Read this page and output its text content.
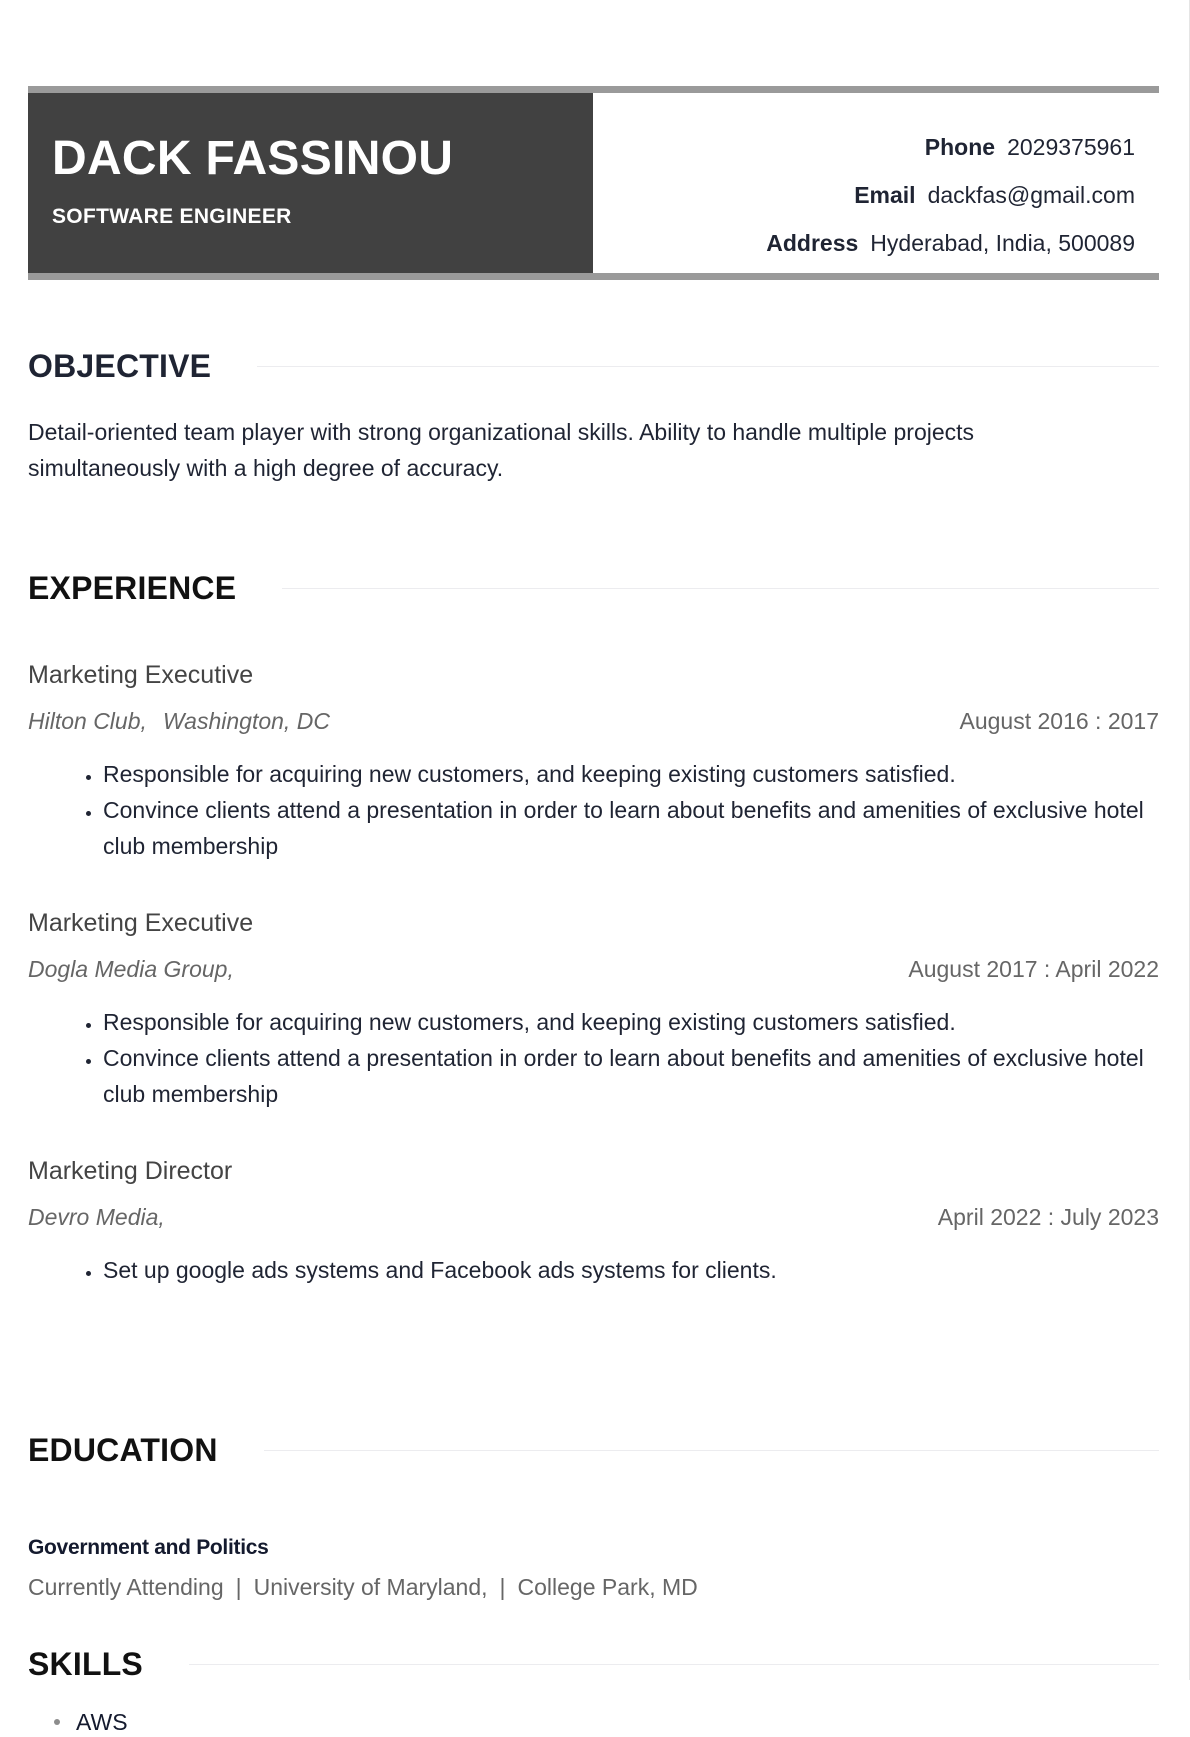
DACK FASSINOU
SOFTWARE ENGINEER
Phone 2029375961
Email dackfas@gmail.com
Address Hyderabad, India, 500089
OBJECTIVE

Detail-oriented team player with strong organizational skills. Ability to handle multiple projects simultaneously with a high degree of accuracy.

EXPERIENCE
Marketing Executive
Hilton Club, Washington, DC	August 2016 : 2017
• Responsible for acquiring new customers, and keeping existing customers satisfied.
• Convince clients attend a presentation in order to learn about benefits and amenities of exclusive hotel club membership
Marketing Executive
Dogla Media Group,	August 2017 : April 2022
• Responsible for acquiring new customers, and keeping existing customers satisfied.
• Convince clients attend a presentation in order to learn about benefits and amenities of exclusive hotel club membership
Marketing Director
Devro Media,	April 2022 : July 2023
• Set up google ads systems and Facebook ads systems for clients.
EDUCATION
Government and Politics
Currently Attending | University of Maryland, | College Park, MD
SKILLS
AWS
